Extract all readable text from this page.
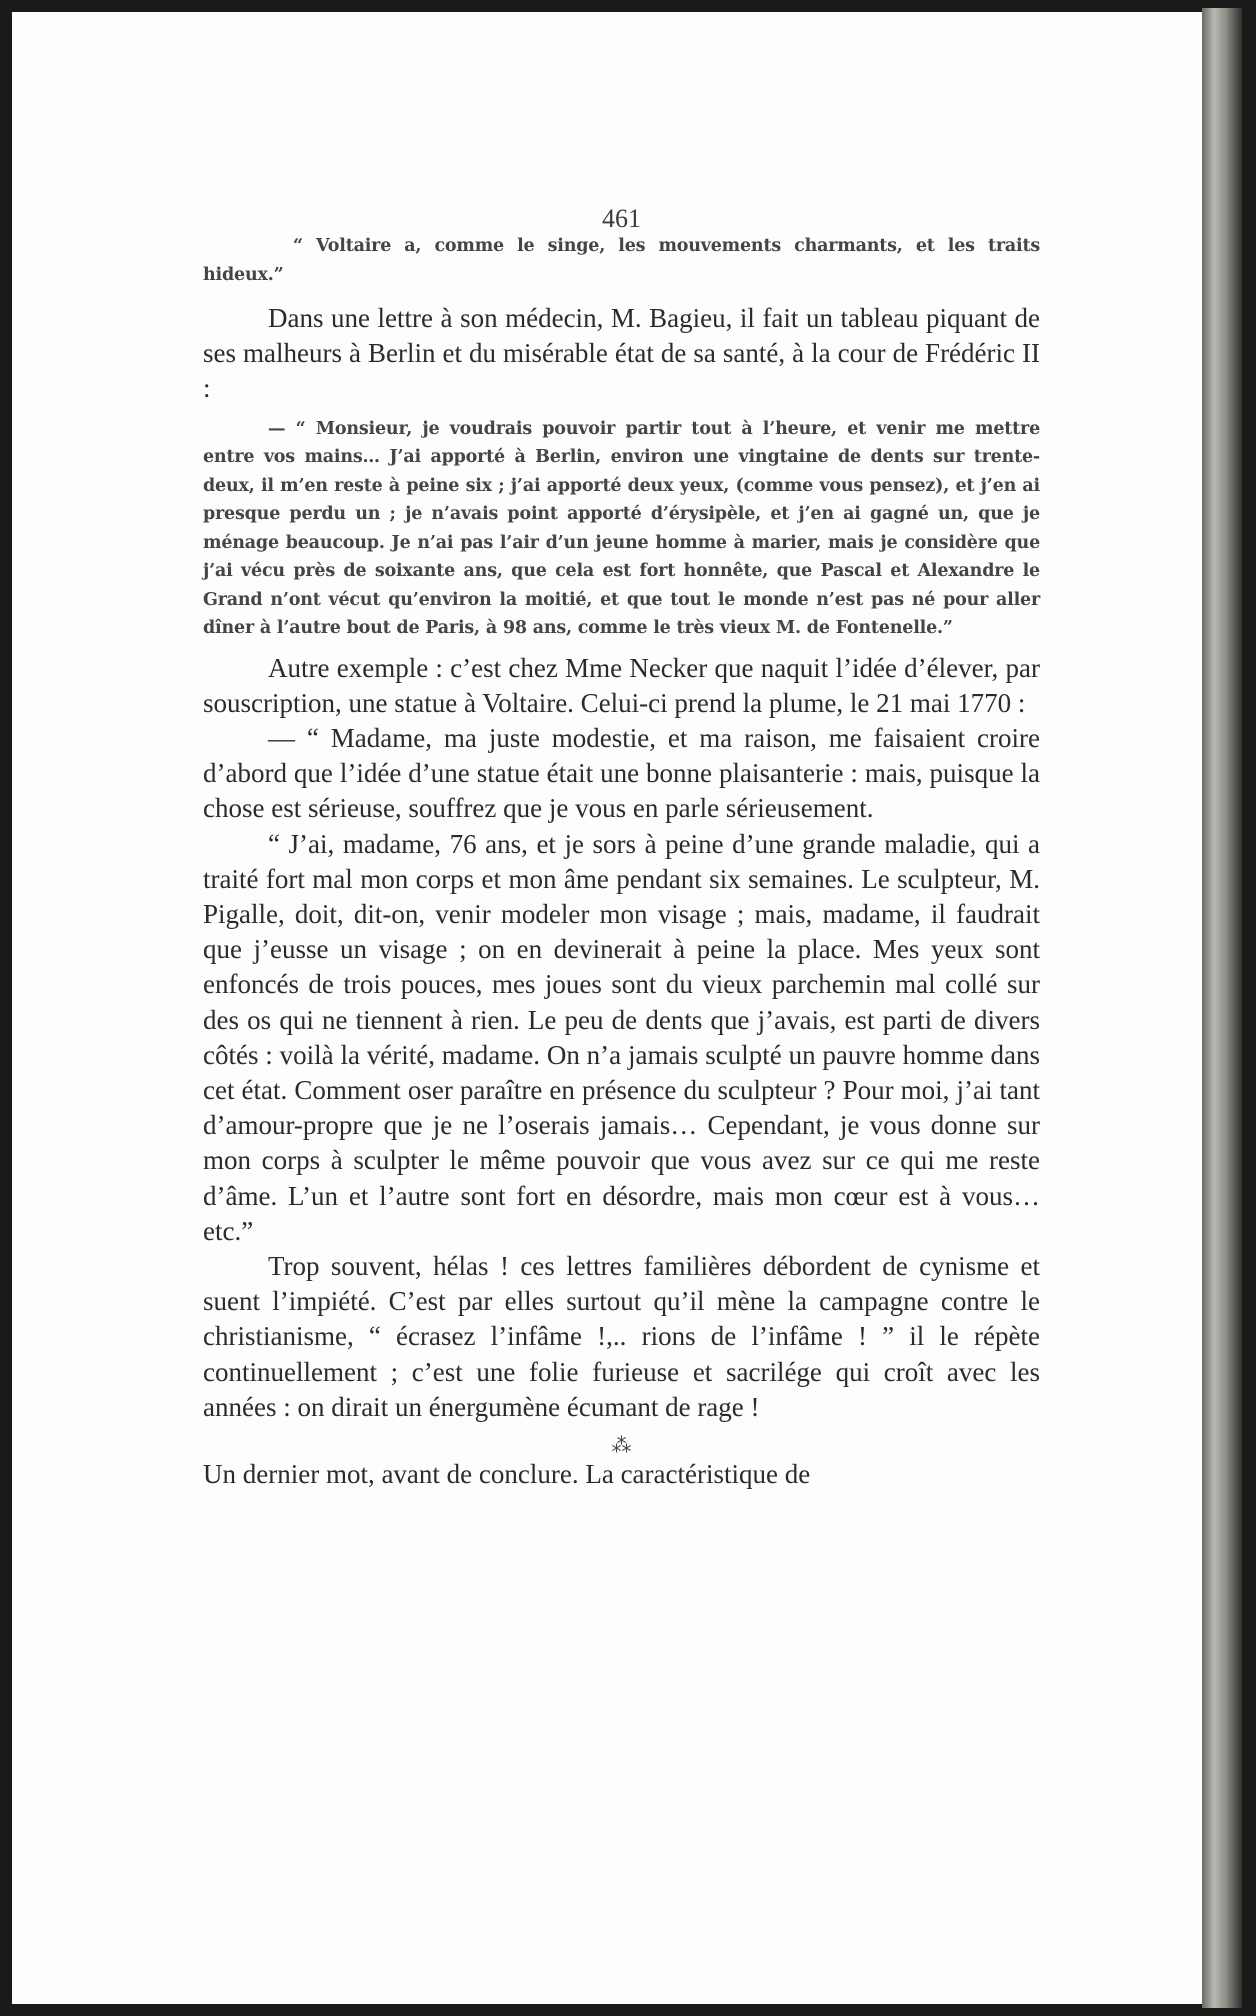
461

“ Voltaire a, comme le singe, les mouvements charmants, et les traits hideux.”

Dans une lettre à son médecin, M. Bagieu, il fait un tableau piquant de ses malheurs à Berlin et du misérable état de sa santé, à la cour de Frédéric II :

— “ Monsieur, je voudrais pouvoir partir tout à l’heure, et venir me mettre entre vos mains… J’ai apporté à Berlin, environ une vingtaine de dents sur trente-deux, il m’en reste à peine six ; j’ai apporté deux yeux, (comme vous pensez), et j’en ai presque perdu un ; je n’avais point apporté d’érysipèle, et j’en ai gagné un, que je ménage beaucoup. Je n’ai pas l’air d’un jeune homme à marier, mais je considère que j’ai vécu près de soixante ans, que cela est fort honnête, que Pascal et Alexandre le Grand n’ont vécut qu’environ la moitié, et que tout le monde n’est pas né pour aller dîner à l’autre bout de Paris, à 98 ans, comme le très vieux M. de Fontenelle.”

Autre exemple : c’est chez Mme Necker que naquit l’idée d’élever, par souscription, une statue à Voltaire. Celui-ci prend la plume, le 21 mai 1770 :

— “ Madame, ma juste modestie, et ma raison, me faisaient croire d’abord que l’idée d’une statue était une bonne plaisanterie : mais, puisque la chose est sérieuse, souffrez que je vous en parle sérieusement.

“ J’ai, madame, 76 ans, et je sors à peine d’une grande maladie, qui a traité fort mal mon corps et mon âme pendant six semaines. Le sculpteur, M. Pigalle, doit, dit-on, venir modeler mon visage ; mais, madame, il faudrait que j’eusse un visage ; on en devinerait à peine la place. Mes yeux sont enfoncés de trois pouces, mes joues sont du vieux parchemin mal collé sur des os qui ne tiennent à rien. Le peu de dents que j’avais, est parti de divers côtés : voilà la vérité, madame. On n’a jamais sculpté un pauvre homme dans cet état. Comment oser paraître en présence du sculpteur ? Pour moi, j’ai tant d’amour-propre que je ne l’oserais jamais… Cependant, je vous donne sur mon corps à sculpter le même pouvoir que vous avez sur ce qui me reste d’âme. L’un et l’autre sont fort en désordre, mais mon cœur est à vous… etc.”

Trop souvent, hélas ! ces lettres familières débordent de cynisme et suent l’impiété. C’est par elles surtout qu’il mène la campagne contre le christianisme, “ écrasez l’infâme !,.. rions de l’infâme ! ” il le répète continuellement ; c’est une folie furieuse et sacrilége qui croît avec les années : on dirait un énergumène écumant de rage !

⁂

Un dernier mot, avant de conclure. La caractéristique de
